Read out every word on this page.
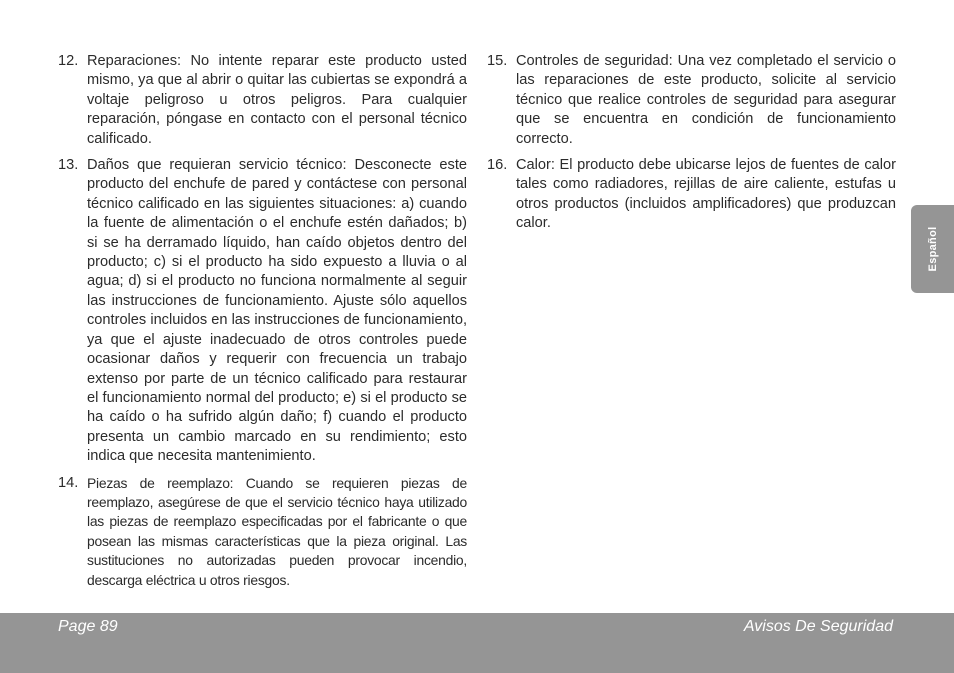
12. Reparaciones: No intente reparar este producto usted mismo, ya que al abrir o quitar las cubiertas se expondrá a voltaje peligroso u otros peligros. Para cualquier reparación, póngase en contacto con el personal técnico calificado.
13. Daños que requieran servicio técnico: Desconecte este producto del enchufe de pared y contáctese con personal técnico calificado en las siguientes situaciones: a) cuando la fuente de alimentación o el enchufe estén dañados; b) si se ha derramado líquido, han caído objetos dentro del producto; c) si el producto ha sido expuesto a lluvia o al agua; d) si el producto no funciona normalmente al seguir las instrucciones de funcionamiento. Ajuste sólo aquellos controles incluidos en las instrucciones de funcionamiento, ya que el ajuste inadecuado de otros controles puede ocasionar daños y requerir con frecuencia un trabajo extenso por parte de un técnico calificado para restaurar el funcionamiento normal del producto; e) si el producto se ha caído o ha sufrido algún daño; f) cuando el producto presenta un cambio marcado en su rendimiento; esto indica que necesita mantenimiento.
14. Piezas de reemplazo: Cuando se requieren piezas de reemplazo, asegúrese de que el servicio técnico haya utilizado las piezas de reemplazo especificadas por el fabricante o que posean las mismas características que la pieza original. Las sustituciones no autorizadas pueden provocar incendio, descarga eléctrica u otros riesgos.
15. Controles de seguridad: Una vez completado el servicio o las reparaciones de este producto, solicite al servicio técnico que realice controles de seguridad para asegurar que se encuentra en condición de funcionamiento correcto.
16. Calor: El producto debe ubicarse lejos de fuentes de calor tales como radiadores, rejillas de aire caliente, estufas u otros productos (incluidos amplificadores) que produzcan calor.
Español
Page 89	Avisos De Seguridad
